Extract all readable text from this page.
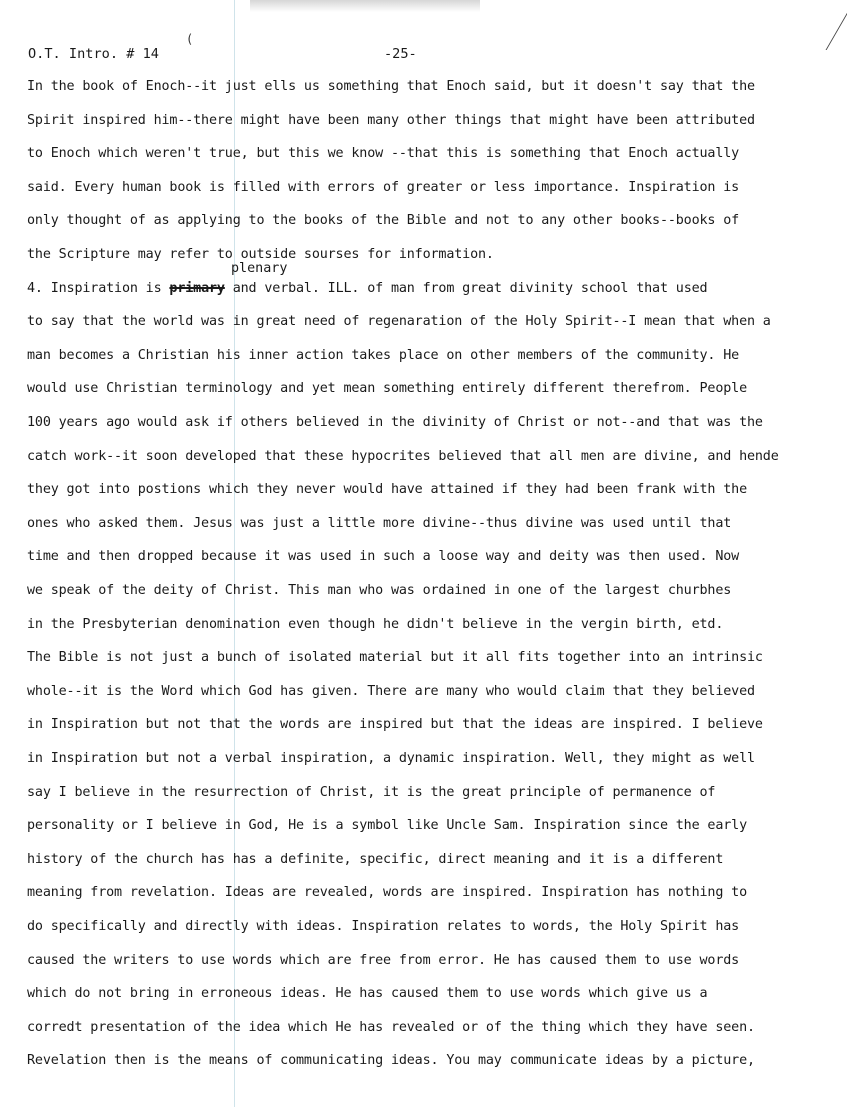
O.T. Intro. # 14
(
-25-
plenary
In the book of Enoch--it just ells us something that Enoch said, but it doesn't say that the
Spirit inspired him--there might have been many other things that might have been attributed
to Enoch which weren't true, but this we know --that this is something that Enoch actually
said. Every human book is filled with errors of greater or less importance. Inspiration is
only thought of as applying to the books of the Bible and not to any other books--books of
the Scripture may refer to outside sourses for information.
4. Inspiration is primary and verbal. ILL. of man from great divinity school that used
to say that the world was in great need of regenaration of the Holy Spirit--I mean that when a
man becomes a Christian his inner action takes place on other members of the community. He
would use Christian terminology and yet mean something entirely different therefrom. People
100 years ago would ask if others believed in the divinity of Christ or not--and that was the
catch work--it soon developed that these hypocrites believed that all men are divine, and hende
they got into postions which they never would have attained if they had been frank with the
ones who asked them. Jesus was just a little more divine--thus divine was used until that
time and then dropped because it was used in such a loose way and deity was then used. Now
we speak of the deity of Christ. This man who was ordained in one of the largest churbhes
in the Presbyterian denomination even though he didn't believe in the vergin birth, etd.
The Bible is not just a bunch of isolated material but it all fits together into an intrinsic
whole--it is the Word which God has given. There are many who would claim that they believed
in Inspiration but not that the words are inspired but that the ideas are inspired. I believe
in Inspiration but not a verbal inspiration, a dynamic inspiration. Well, they might as well
say I believe in the resurrection of Christ, it is the great principle of permanence of
personality or I believe in God, He is a symbol like Uncle Sam. Inspiration since the early
history of the church has has a definite, specific, direct meaning and it is a different
meaning from revelation. Ideas are revealed, words are inspired. Inspiration has nothing to
do specifically and directly with ideas. Inspiration relates to words, the Holy Spirit has
caused the writers to use words which are free from error. He has caused them to use words
which do not bring in erroneous ideas. He has caused them to use words which give us a
corredt presentation of the idea which He has revealed or of the thing which they have seen.
Revelation then is the means of communicating ideas. You may communicate ideas by a picture,
